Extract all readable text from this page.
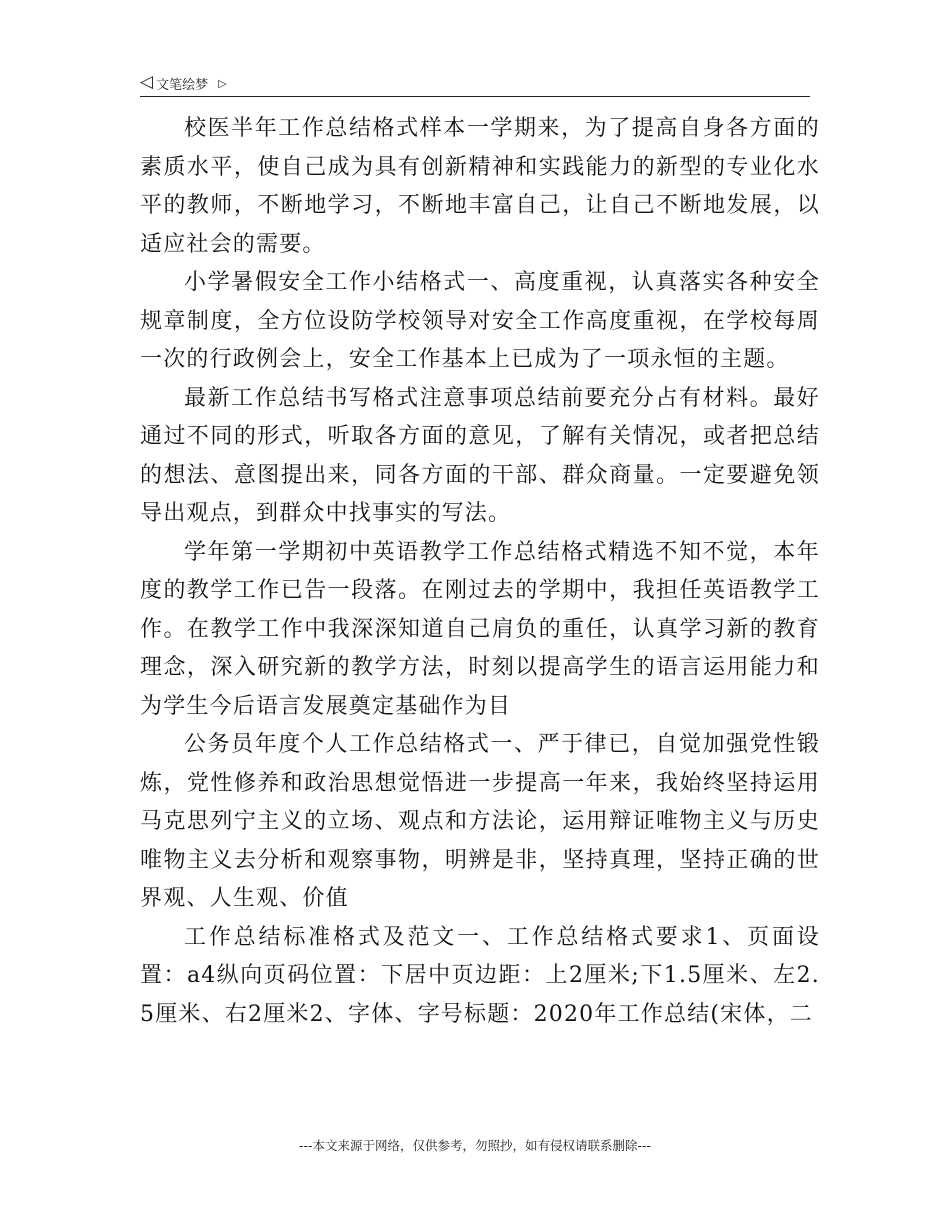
◁ 文笔绘梦 ▷

校医半年工作总结格式样本一学期来，为了提高自身各方面的素质水平，使自己成为具有创新精神和实践能力的新型的专业化水平的教师，不断地学习，不断地丰富自己，让自己不断地发展，以适应社会的需要。

小学暑假安全工作小结格式一、高度重视，认真落实各种安全规章制度，全方位设防学校领导对安全工作高度重视，在学校每周一次的行政例会上，安全工作基本上已成为了一项永恒的主题。

最新工作总结书写格式注意事项总结前要充分占有材料。最好通过不同的形式，听取各方面的意见，了解有关情况，或者把总结的想法、意图提出来，同各方面的干部、群众商量。一定要避免领导出观点，到群众中找事实的写法。

学年第一学期初中英语教学工作总结格式精选不知不觉，本年度的教学工作已告一段落。在刚过去的学期中，我担任英语教学工作。在教学工作中我深深知道自己肩负的重任，认真学习新的教育理念，深入研究新的教学方法，时刻以提高学生的语言运用能力和为学生今后语言发展奠定基础作为目

公务员年度个人工作总结格式一、严于律已，自觉加强党性锻炼，党性修养和政治思想觉悟进一步提高一年来，我始终坚持运用马克思列宁主义的立场、观点和方法论，运用辩证唯物主义与历史唯物主义去分析和观察事物，明辨是非，坚持真理，坚持正确的世界观、人生观、价值

工作总结标准格式及范文一、工作总结格式要求1、页面设置：a4纵向页码位置：下居中页边距：上2厘米;下1.5厘米、左2.5厘米、右2厘米2、字体、字号标题：2020年工作总结(宋体，二

---本文来源于网络，仅供参考，勿照抄，如有侵权请联系删除---
